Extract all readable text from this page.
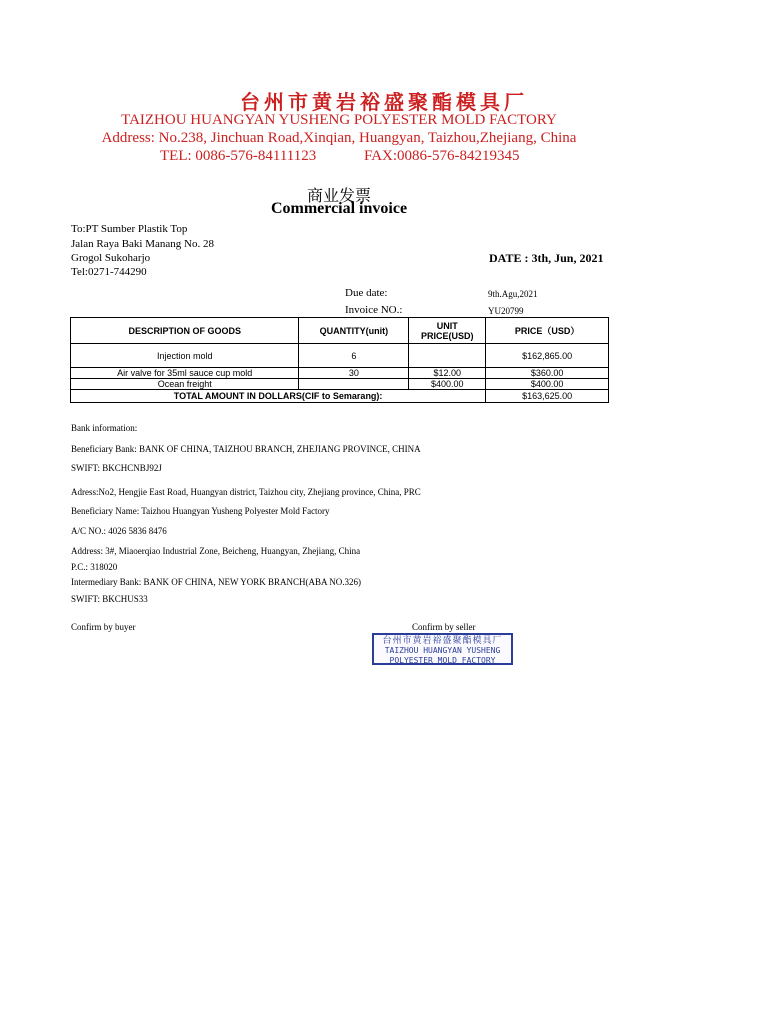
台州市黄岩裕盛聚酯模具厂
TAIZHOU HUANGYAN YUSHENG POLYESTER MOLD FACTORY
Address: No.238, Jinchuan Road,Xinqian, Huangyan, Taizhou,Zhejiang, China
TEL: 0086-576-84111123	FAX:0086-576-84219345
商业发票
Commercial invoice
To:PT Sumber Plastik Top
Jalan Raya Baki Manang No. 28
Grogol Sukoharjo
Tel:0271-744290
DATE : 3th, Jun, 2021
Due date:	9th.Agu,2021
Invoice NO.:	YU20799
DESCRIPTION OF GOODS	QUANTITY(unit)	UNIT PRICE(USD)	PRICE（USD）
Injection mold	6		$162,865.00
Air valve for 35ml sauce cup mold	30	$12.00	$360.00
Ocean freight		$400.00	$400.00
TOTAL AMOUNT IN DOLLARS(CIF to Semarang):			$163,625.00
Bank information:
Beneficiary Bank: BANK OF CHINA, TAIZHOU BRANCH, ZHEJIANG PROVINCE, CHINA
SWIFT: BKCHCNBJ92J
Adress:No2, Hengjie East Road, Huangyan district, Taizhou city, Zhejiang province, China, PRC
Beneficiary Name: Taizhou Huangyan Yusheng Polyester Mold Factory
A/C NO.: 4026 5836 8476
Address: 3#, Miaoerqiao Industrial Zone, Beicheng, Huangyan, Zhejiang, China
P.C.: 318020
Intermediary Bank: BANK OF CHINA, NEW YORK BRANCH(ABA NO.326)
SWIFT: BKCHUS33
Confirm by buyer	Confirm by seller
台州市黄岩裕盛聚酯模具厂
TAIZHOU HUANGYAN YUSHENG
POLYESTER MOLD FACTORY
